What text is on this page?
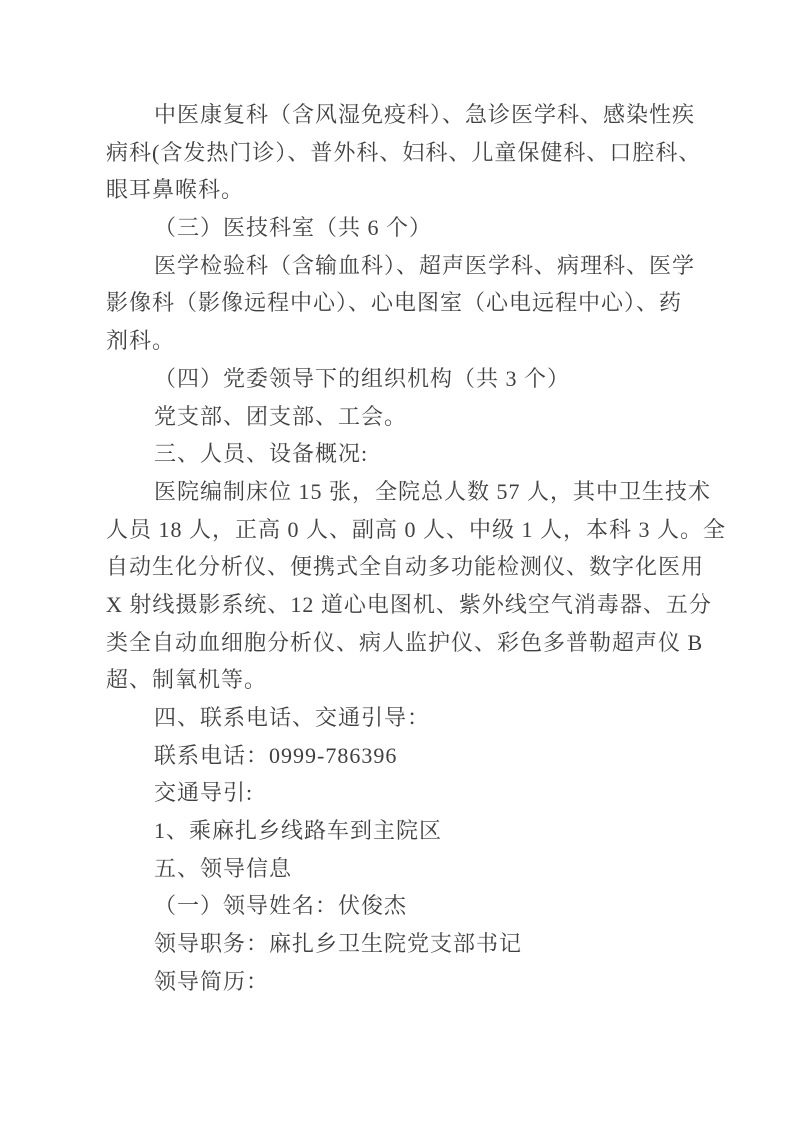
中医康复科（含风湿免疫科）、急诊医学科、感染性疾
病科(含发热门诊）、普外科、妇科、儿童保健科、口腔科、
眼耳鼻喉科。
（三）医技科室（共 6 个）
医学检验科（含输血科）、超声医学科、病理科、医学
影像科（影像远程中心）、心电图室（心电远程中心）、药
剂科。
（四）党委领导下的组织机构（共 3 个）
党支部、团支部、工会。
三、人员、设备概况:
医院编制床位 15 张，全院总人数 57 人，其中卫生技术
人员 18 人，正高 0 人、副高 0 人、中级 1 人，本科 3 人。全
自动生化分析仪、便携式全自动多功能检测仪、数字化医用
X 射线摄影系统、12 道心电图机、紫外线空气消毒器、五分
类全自动血细胞分析仪、病人监护仪、彩色多普勒超声仪 B
超、制氧机等。
四、联系电话、交通引导：
联系电话：0999-786396
交通导引:
1、乘麻扎乡线路车到主院区
五、领导信息
（一）领导姓名：伏俊杰
领导职务：麻扎乡卫生院党支部书记
领导简历：
